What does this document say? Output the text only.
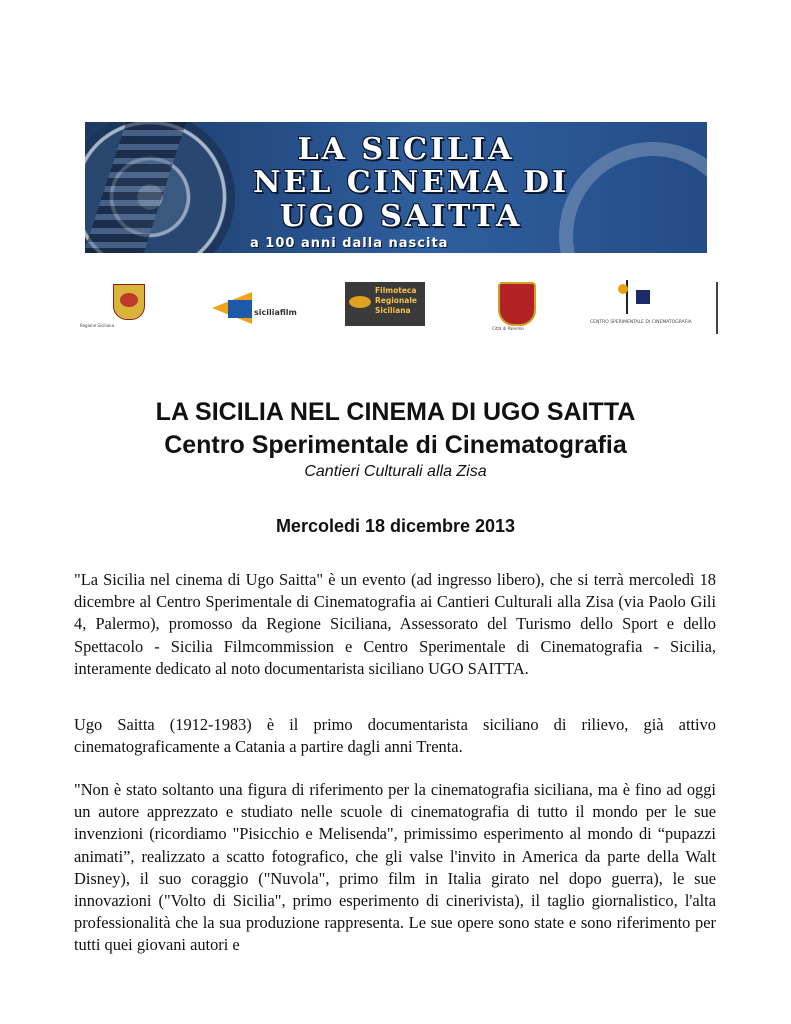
LA SICILIA
NEL CINEMA DI
UGO SAITTA
a 100 anni dalla nascita
Regione Siciliana
siciliafilm
Filmoteca
Regionale
Siciliana
Città di Palermo
CENTRO SPERIMENTALE DI CINEMATOGRAFIA
LA SICILIA NEL CINEMA DI UGO SAITTA
Centro Sperimentale di Cinematografia
Cantieri Culturali alla Zisa
Mercoledi 18 dicembre 2013

"La Sicilia nel cinema di Ugo Saitta" è un evento (ad ingresso libero), che si terrà mercoledì 18 dicembre al Centro Sperimentale di Cinematografia ai Cantieri Culturali alla Zisa (via Paolo Gili 4, Palermo), promosso da Regione Siciliana, Assessorato del Turismo dello Sport e dello Spettacolo - Sicilia Filmcommission e Centro Sperimentale di Cinematografia - Sicilia, interamente dedicato al noto documentarista siciliano UGO SAITTA.

Ugo Saitta (1912-1983) è il primo documentarista siciliano di rilievo, già attivo cinematograficamente a Catania a partire dagli anni Trenta.

"Non è stato soltanto una figura di riferimento per la cinematografia siciliana, ma è fino ad oggi un autore apprezzato e studiato nelle scuole di cinematografia di tutto il mondo per le sue invenzioni (ricordiamo "Pisicchio e Melisenda", primissimo esperimento al mondo di “pupazzi animati”, realizzato a scatto fotografico, che gli valse l'invito in America da parte della Walt Disney), il suo coraggio ("Nuvola", primo film in Italia girato nel dopo guerra), le sue innovazioni ("Volto di Sicilia", primo esperimento di cinerivista), il taglio giornalistico, l'alta professionalità che la sua produzione rappresenta. Le sue opere sono state e sono riferimento per tutti quei giovani autori e
